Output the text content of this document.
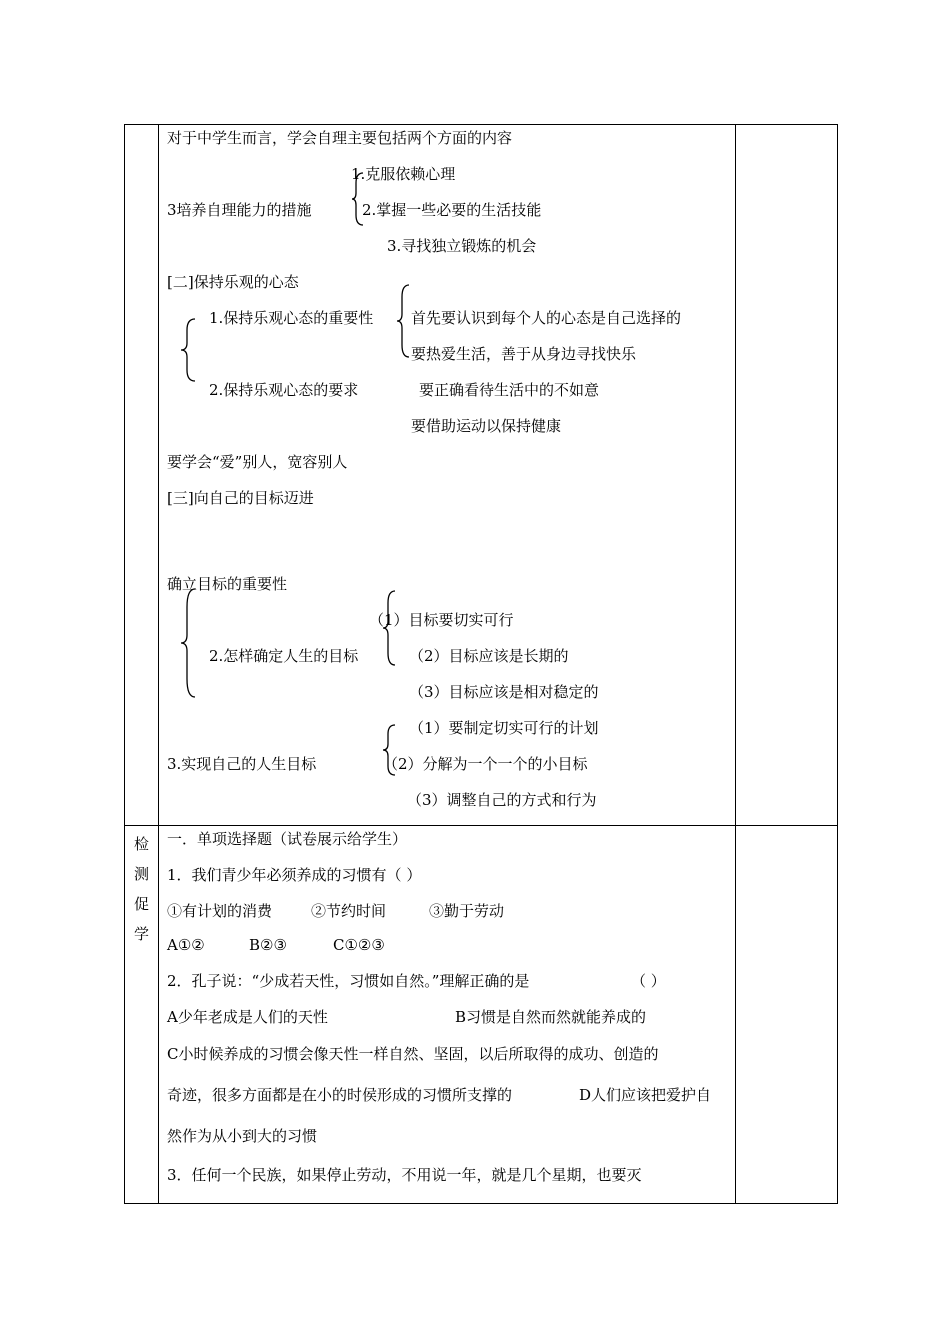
对于中学生而言，学会自理主要包括两个方面的内容
1.克服依赖心理
3培养自理能力的措施	2.掌握一些必要的生活技能
3.寻找独立锻炼的机会
[二]保持乐观的心态
1.保持乐观心态的重要性	首先要认识到每个人的心态是自己选择的
要热爱生活，善于从身边寻找快乐
2.保持乐观心态的要求	要正确看待生活中的不如意
要借助运动以保持健康
要学会“爱”别人，宽容别人
[三]向自己的目标迈进
确立目标的重要性
（1）目标要切实可行
2.怎样确定人生的目标	（2）目标应该是长期的
（3）目标应该是相对稳定的
（1）要制定切实可行的计划
3.实现自己的人生目标	（2）分解为一个一个的小目标
（3）调整自己的方式和行为
检
测
促
学
一．单项选择题（试卷展示给学生）
1．我们青少年必须养成的习惯有（ ）
①有计划的消费	②节约时间	③勤于劳动
A①②	B②③	C①②③
2．孔子说：“少成若天性，习惯如自然。”理解正确的是	（ ）
A少年老成是人们的天性	B习惯是自然而然就能养成的
C小时候养成的习惯会像天性一样自然、坚固，以后所取得的成功、创造的
奇迹，很多方面都是在小的时侯形成的习惯所支撑的	D人们应该把爱护自
然作为从小到大的习惯
3．任何一个民族，如果停止劳动，不用说一年，就是几个星期，也要灭
